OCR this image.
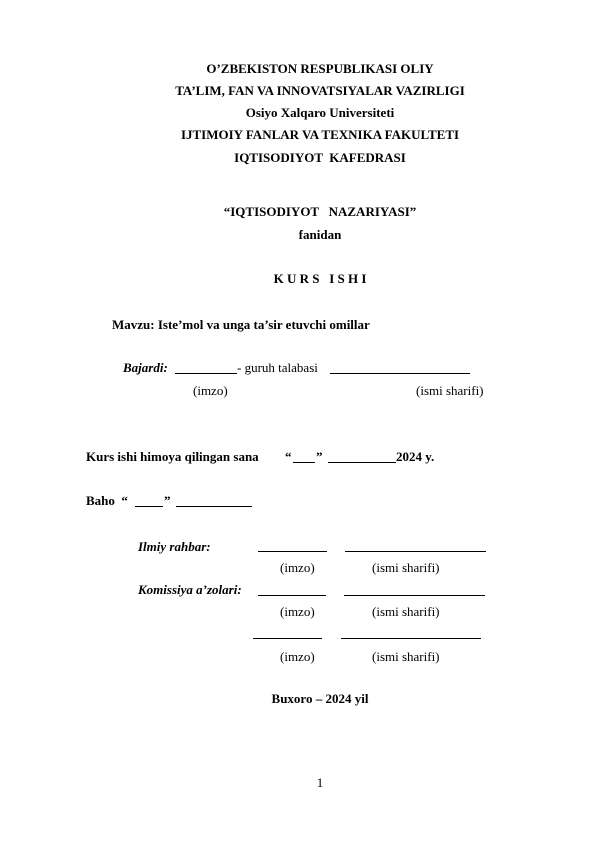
O’ZBEKISTON RESPUBLIKASI OLIY
TA’LIM, FAN VA INNOVATSIYALAR VAZIRLIGI
Osiyo Xalqaro Universiteti
IJTIMOIY FANLAR VA TEXNIKA FAKULTETI
IQTISODIYOT  KAFEDRASI
“IQTISODIYOT   NAZARIYASI”
fanidan
K U R S   I S H I
Mavzu: Iste’mol va unga ta’sir etuvchi omillar
Bajardi:	- guruh talabasi
(imzo)	(ismi sharifi)
Kurs ishi himoya qilingan sana “ ”	2024 y.
Baho  “	”
Ilmiy rahbar:
(imzo)	(ismi sharifi)
Komissiya a’zolari:
(imzo)	(ismi sharifi)
(imzo)	(ismi sharifi)
Buxoro – 2024 yil
1
